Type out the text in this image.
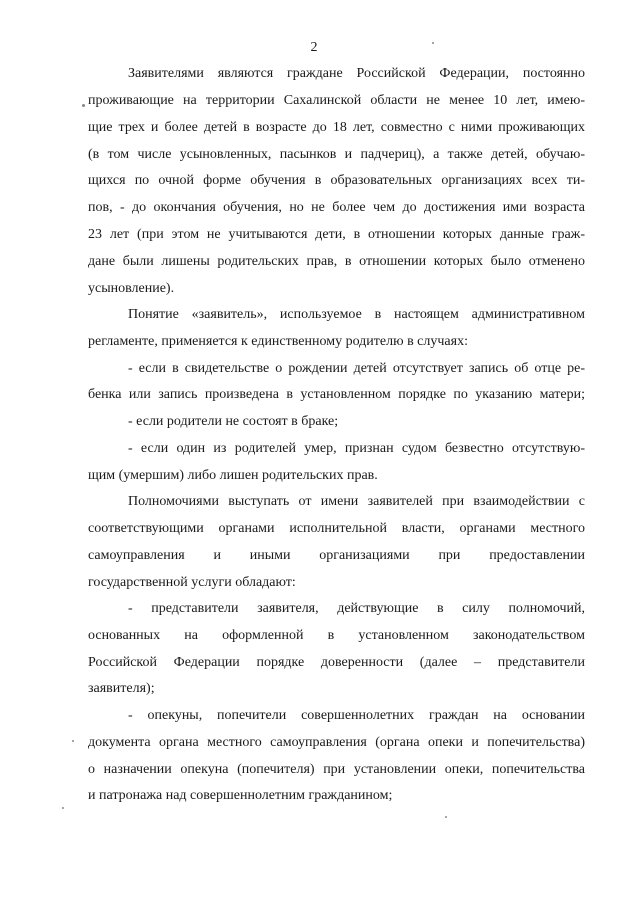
2
Заявителями являются граждане Российской Федерации, постоянно
проживающие на территории Сахалинской области не менее 10 лет, имею-
щие трех и более детей в возрасте до 18 лет, совместно с ними проживающих
(в том числе усыновленных, пасынков и падчериц), а также детей, обучаю-
щихся по очной форме обучения в образовательных организациях всех ти-
пов, - до окончания обучения, но не более чем до достижения ими возраста
23 лет (при этом не учитываются дети, в отношении которых данные граж-
дане были лишены родительских прав, в отношении которых было отменено
усыновление).
Понятие «заявитель», используемое в настоящем административном
регламенте, применяется к единственному родителю в случаях:
- если в свидетельстве о рождении детей отсутствует запись об отце ре-
бенка или запись произведена в установленном порядке по указанию матери;
- если родители не состоят в браке;
- если один из родителей умер, признан судом безвестно отсутствую-
щим (умершим) либо лишен родительских прав.
Полномочиями выступать от имени заявителей при взаимодействии с
соответствующими органами исполнительной власти, органами местного
самоуправления и иными организациями при предоставлении
государственной услуги обладают:
- представители заявителя, действующие в силу полномочий,
основанных на оформленной в установленном законодательством
Российской Федерации порядке доверенности (далее – представители
заявителя);
- опекуны, попечители совершеннолетних граждан на основании
документа органа местного самоуправления (органа опеки и попечительства)
о назначении опекуна (попечителя) при установлении опеки, попечительства
и патронажа над совершеннолетним гражданином;
